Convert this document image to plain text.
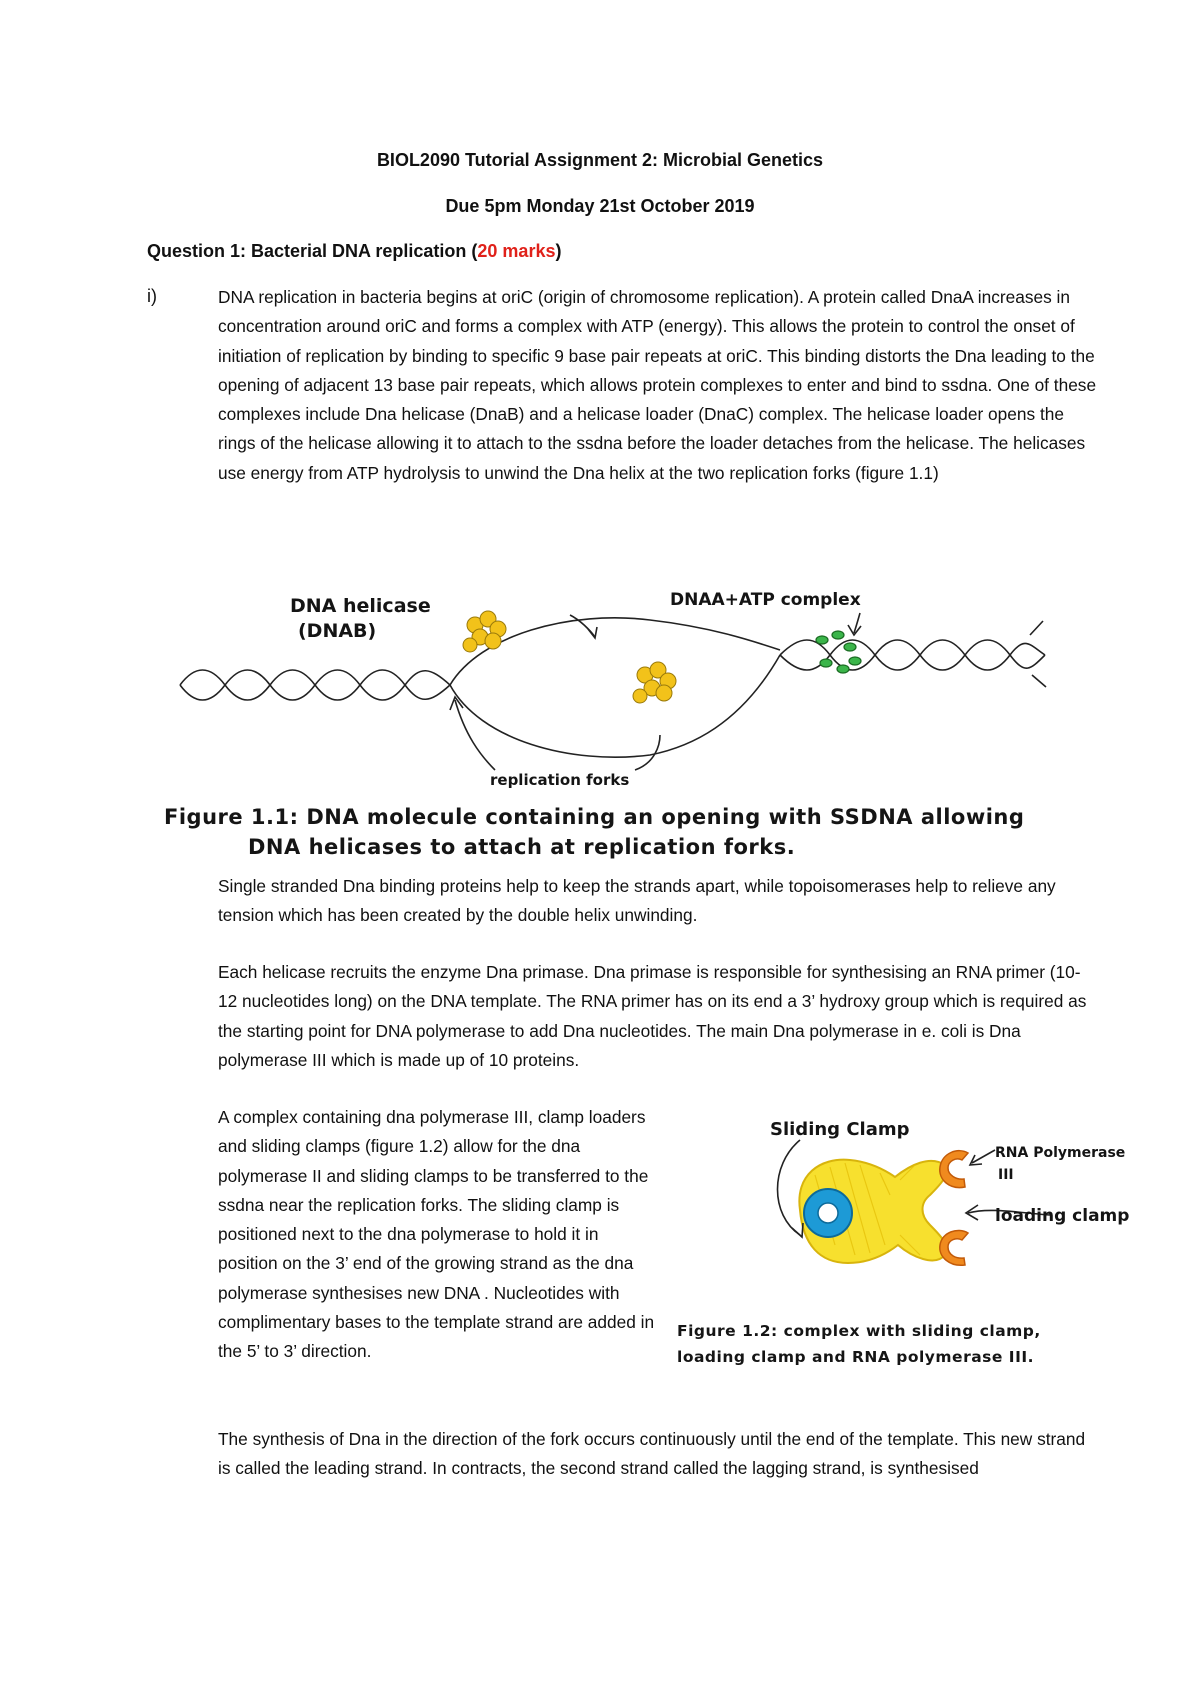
BIOL2090 Tutorial Assignment 2: Microbial Genetics
Due 5pm Monday 21st October 2019
Question 1: Bacterial DNA replication (20 marks)
i)	DNA replication in bacteria begins at oriC (origin of chromosome replication). A protein called DnaA increases in concentration around oriC and forms a complex with ATP (energy). This allows the protein to control the onset of initiation of replication by binding to specific 9 base pair repeats at oriC. This binding distorts the Dna leading to the opening of adjacent 13 base pair repeats, which allows protein complexes to enter and bind to ssdna. One of these complexes include Dna helicase (DnaB) and a helicase loader (DnaC) complex. The helicase loader opens the rings of the helicase allowing it to attach to the ssdna before the loader detaches from the helicase. The helicases use energy from ATP hydrolysis to unwind the Dna helix at the two replication forks (figure 1.1)
DNA helicase
(DNAB)
DNAA+ATP complex
replication forks
Figure 1.1: DNA molecule containing an opening with SSDNA allowing
DNA helicases to attach at replication forks.
Single stranded Dna binding proteins help to keep the strands apart, while topoisomerases help to relieve any tension which has been created by the double helix unwinding.
Each helicase recruits the enzyme Dna primase. Dna primase is responsible for synthesising an RNA primer (10-12 nucleotides long) on the DNA template. The RNA primer has on its end a 3’ hydroxy group which is required as the starting point for DNA polymerase to add Dna nucleotides. The main Dna polymerase in e. coli is Dna polymerase III which is made up of 10 proteins.
A complex containing dna polymerase III, clamp loaders and sliding clamps (figure 1.2) allow for the dna polymerase II and sliding clamps to be transferred to the ssdna near the replication forks. The sliding clamp is positioned next to the dna polymerase to hold it in position on the 3’ end of the growing strand as the dna polymerase synthesises new DNA . Nucleotides with complimentary bases to the template strand are added in the 5’ to 3’ direction.
Sliding Clamp
RNA Polymerase
III
loading clamp
Figure 1.2: complex with sliding clamp,
loading clamp and RNA polymerase III.
The synthesis of Dna in the direction of the fork occurs continuously until the end of the template. This new strand is called the leading strand. In contracts, the second strand called the lagging strand, is synthesised
